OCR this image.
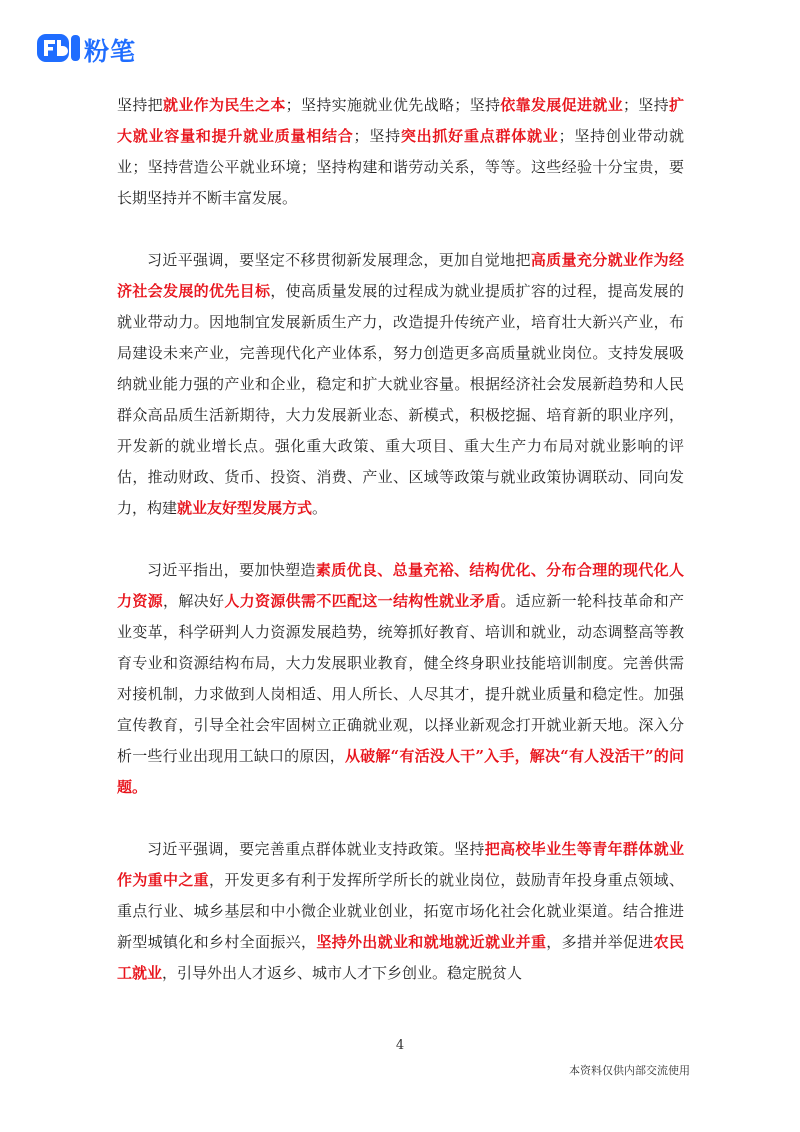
粉笔

坚持把就业作为民生之本；坚持实施就业优先战略；坚持依靠发展促进就业；坚持扩大就业容量和提升就业质量相结合；坚持突出抓好重点群体就业；坚持创业带动就业；坚持营造公平就业环境；坚持构建和谐劳动关系，等等。这些经验十分宝贵，要长期坚持并不断丰富发展。

习近平强调，要坚定不移贯彻新发展理念，更加自觉地把高质量充分就业作为经济社会发展的优先目标，使高质量发展的过程成为就业提质扩容的过程，提高发展的就业带动力。因地制宜发展新质生产力，改造提升传统产业，培育壮大新兴产业，布局建设未来产业，完善现代化产业体系，努力创造更多高质量就业岗位。支持发展吸纳就业能力强的产业和企业，稳定和扩大就业容量。根据经济社会发展新趋势和人民群众高品质生活新期待，大力发展新业态、新模式，积极挖掘、培育新的职业序列，开发新的就业增长点。强化重大政策、重大项目、重大生产力布局对就业影响的评估，推动财政、货币、投资、消费、产业、区域等政策与就业政策协调联动、同向发力，构建就业友好型发展方式。

习近平指出，要加快塑造素质优良、总量充裕、结构优化、分布合理的现代化人力资源，解决好人力资源供需不匹配这一结构性就业矛盾。适应新一轮科技革命和产业变革，科学研判人力资源发展趋势，统筹抓好教育、培训和就业，动态调整高等教育专业和资源结构布局，大力发展职业教育，健全终身职业技能培训制度。完善供需对接机制，力求做到人岗相适、用人所长、人尽其才，提升就业质量和稳定性。加强宣传教育，引导全社会牢固树立正确就业观，以择业新观念打开就业新天地。深入分析一些行业出现用工缺口的原因，从破解“有活没人干”入手，解决“有人没活干”的问题。

习近平强调，要完善重点群体就业支持政策。坚持把高校毕业生等青年群体就业作为重中之重，开发更多有利于发挥所学所长的就业岗位，鼓励青年投身重点领域、重点行业、城乡基层和中小微企业就业创业，拓宽市场化社会化就业渠道。结合推进新型城镇化和乡村全面振兴，坚持外出就业和就地就近就业并重，多措并举促进农民工就业，引导外出人才返乡、城市人才下乡创业。稳定脱贫人

4
本资料仅供内部交流使用
